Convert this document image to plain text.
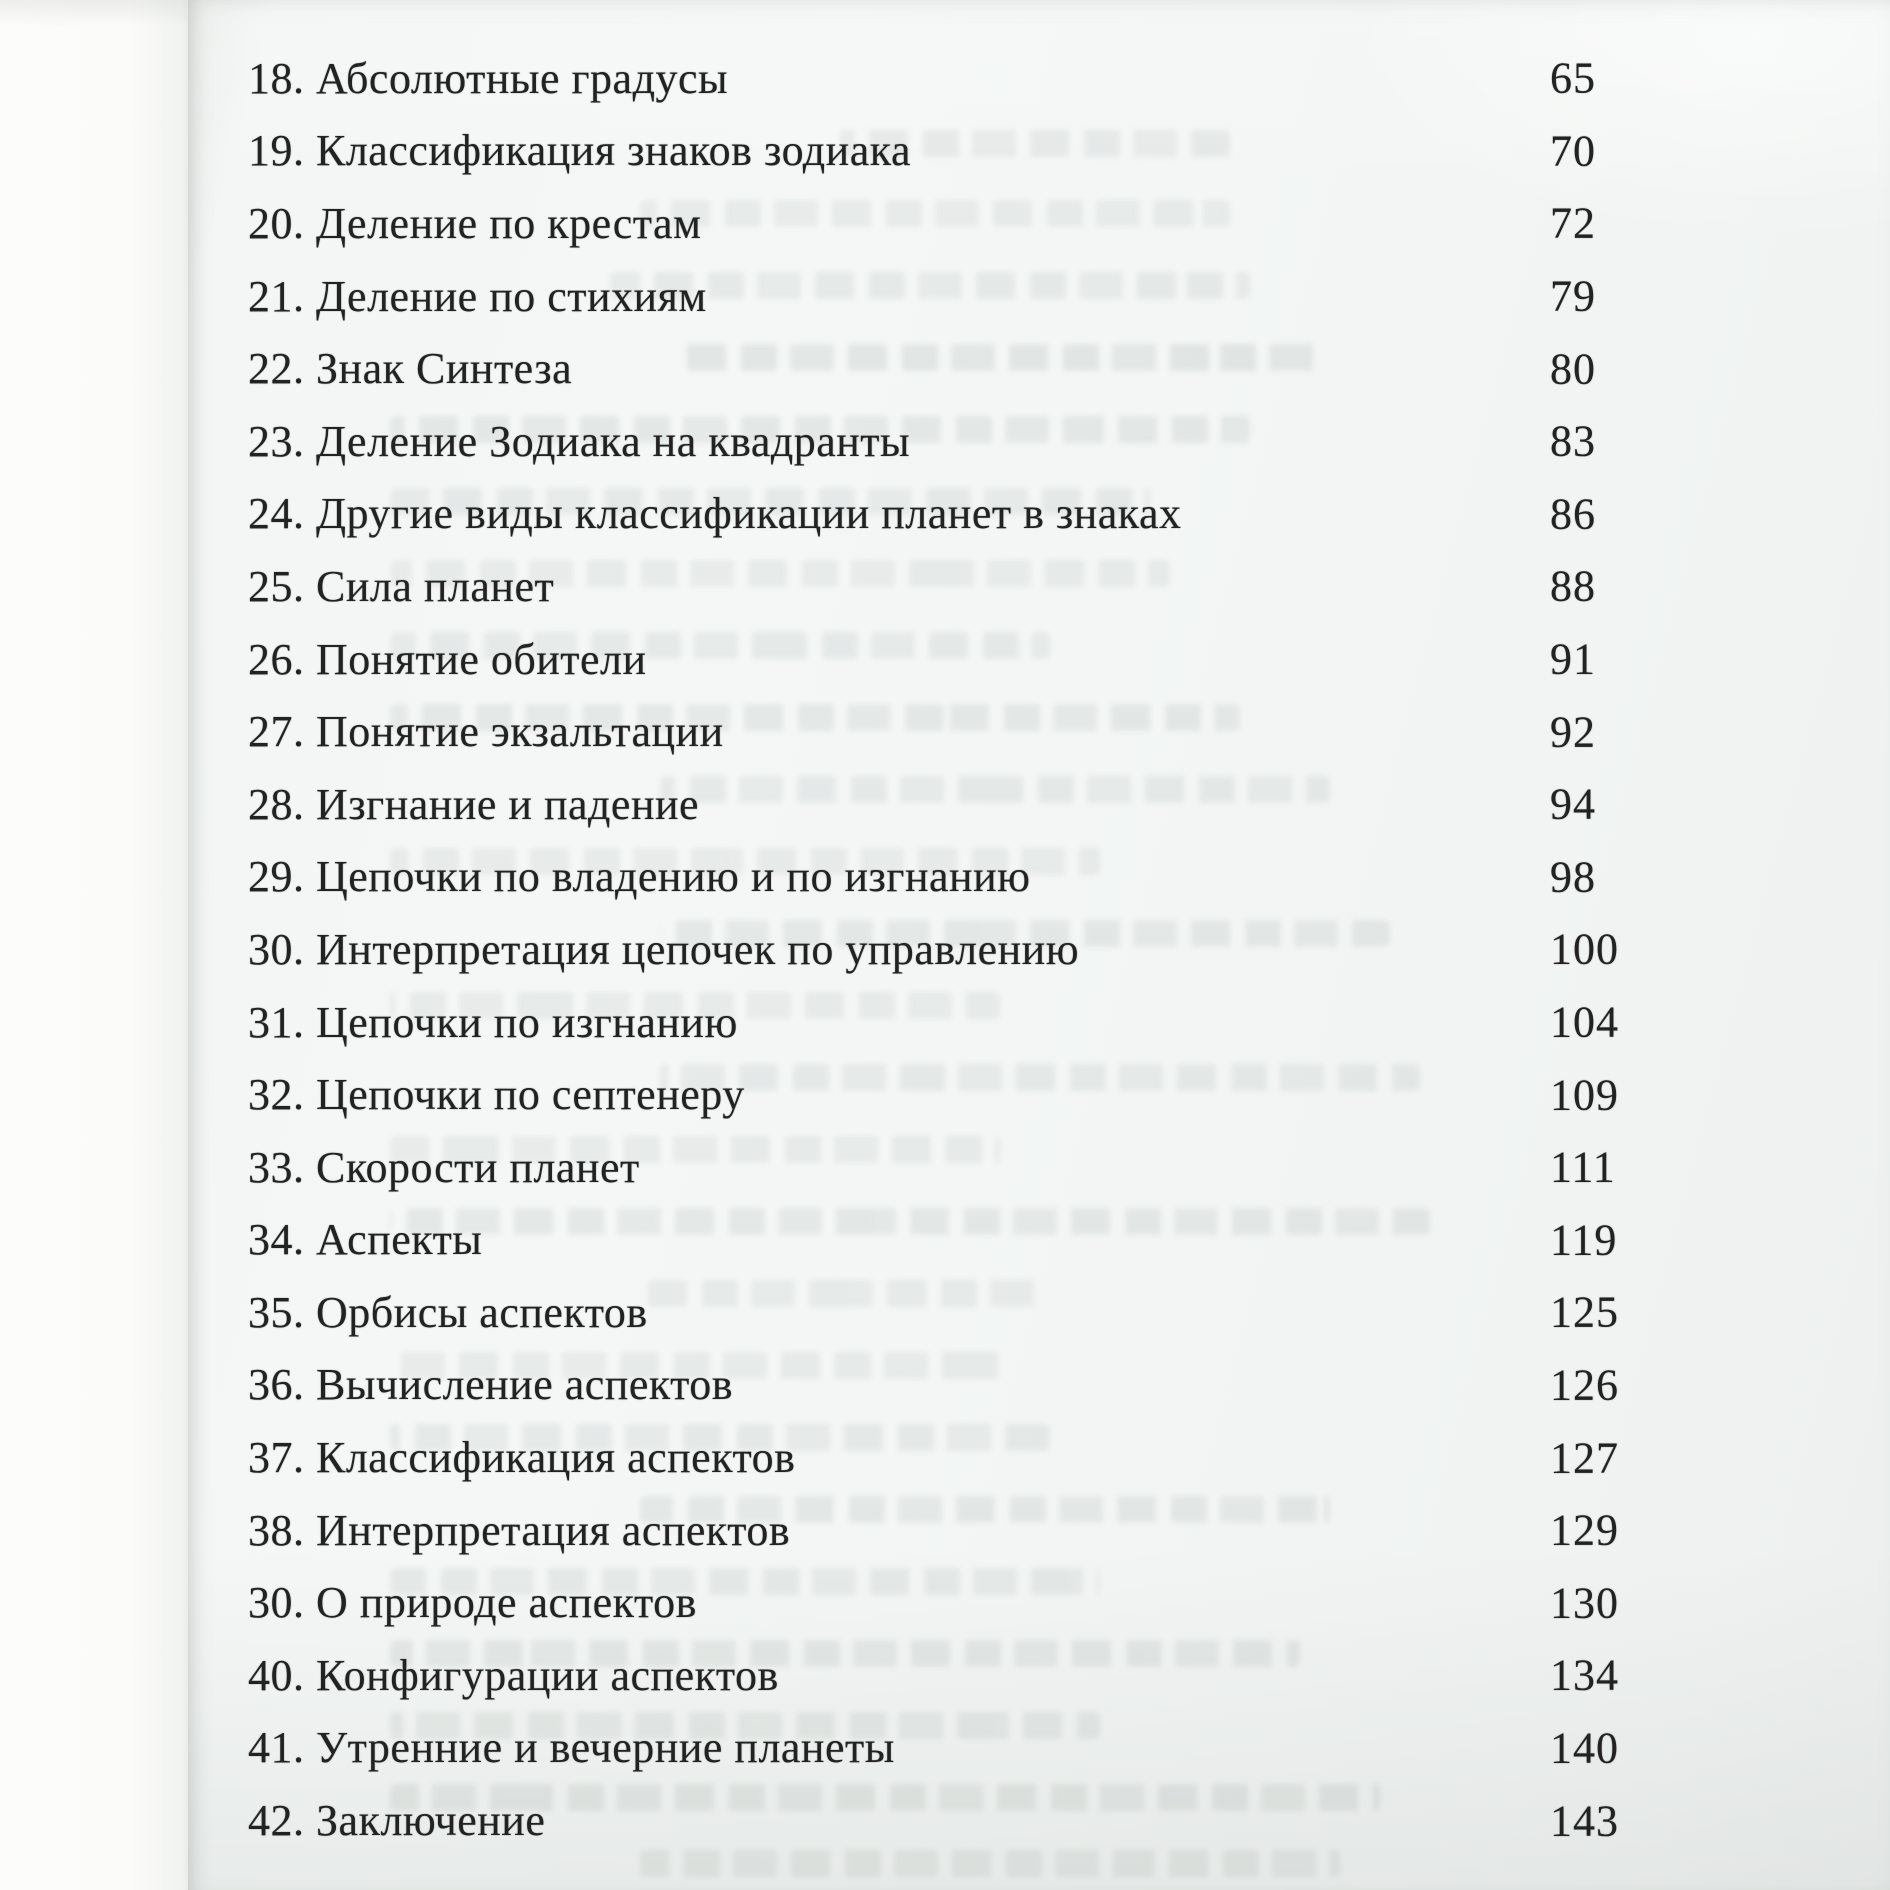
18. Абсолютные градусы	65
19. Классификация знаков зодиака	70
20. Деление по крестам	72
21. Деление по стихиям	79
22. Знак Синтеза	80
23. Деление Зодиака на квадранты	83
24. Другие виды классификации планет в знаках	86
25. Сила планет	88
26. Понятие обители	91
27. Понятие экзальтации	92
28. Изгнание и падение	94
29. Цепочки по владению и по изгнанию	98
30. Интерпретация цепочек по управлению	100
31. Цепочки по изгнанию	104
32. Цепочки по септенеру	109
33. Скорости планет	111
34. Аспекты	119
35. Орбисы аспектов	125
36. Вычисление аспектов	126
37. Классификация аспектов	127
38. Интерпретация аспектов	129
30. О природе аспектов	130
40. Конфигурации аспектов	134
41. Утренние и вечерние планеты	140
42. Заключение	143
